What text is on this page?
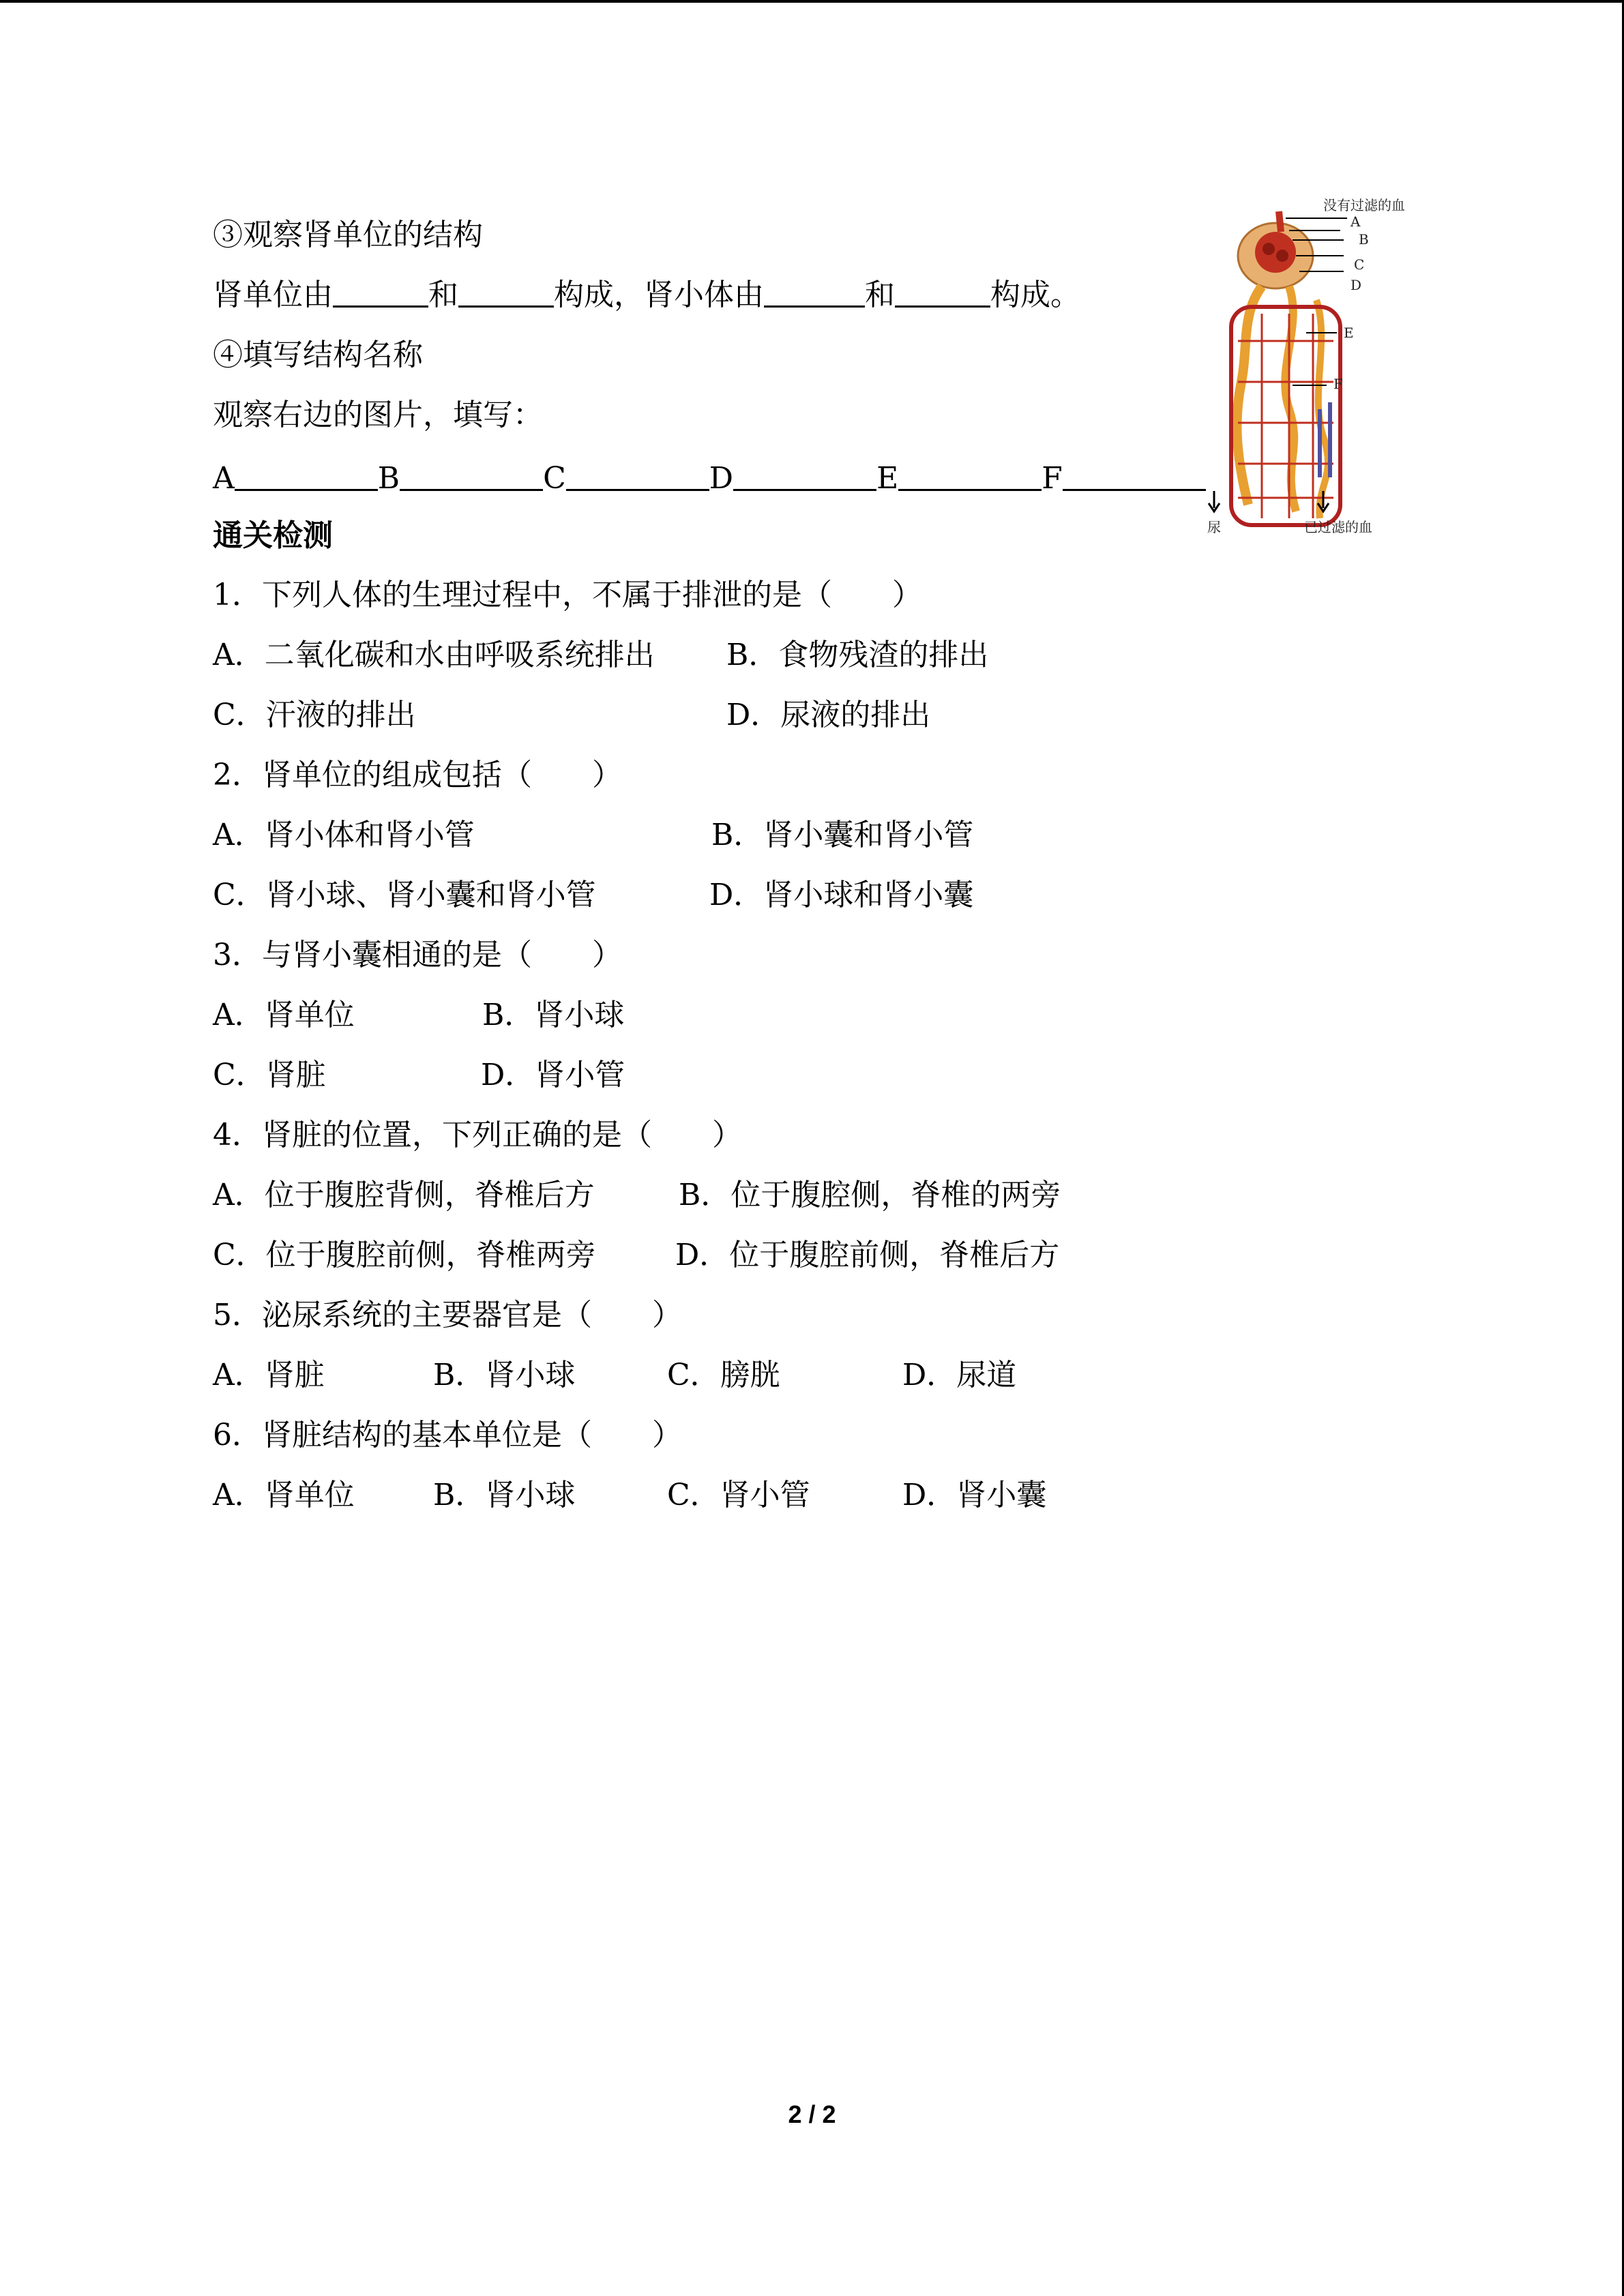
③观察肾单位的结构
肾单位由	和	构成，肾小体由	和	构成。
④填写结构名称
观察右边的图片，填写：
A	B	C	D	E	F
没有过滤的血
A
B
C
D
E
F
尿	已过滤的血
通关检测
1．下列人体的生理过程中，不属于排泄的是（　　）
A．二氧化碳和水由呼吸系统排出 B．食物残渣的排出
C．汗液的排出	D．尿液的排出
2．肾单位的组成包括（　　）
A．肾小体和肾小管	B．肾小囊和肾小管
C．肾小球、肾小囊和肾小管	D．肾小球和肾小囊
3．与肾小囊相通的是（　　）
A．肾单位	B．肾小球
C．肾脏	D．肾小管
4．肾脏的位置，下列正确的是（　　）
A．位于腹腔背侧，脊椎后方	B．位于腹腔侧，脊椎的两旁
C．位于腹腔前侧，脊椎两旁	D．位于腹腔前侧，脊椎后方
5．泌尿系统的主要器官是（　　）
A．肾脏	B．肾小球	C．膀胱	D．尿道
6．肾脏结构的基本单位是（　　）
A．肾单位	B．肾小球	C．肾小管	D．肾小囊
2 / 2
